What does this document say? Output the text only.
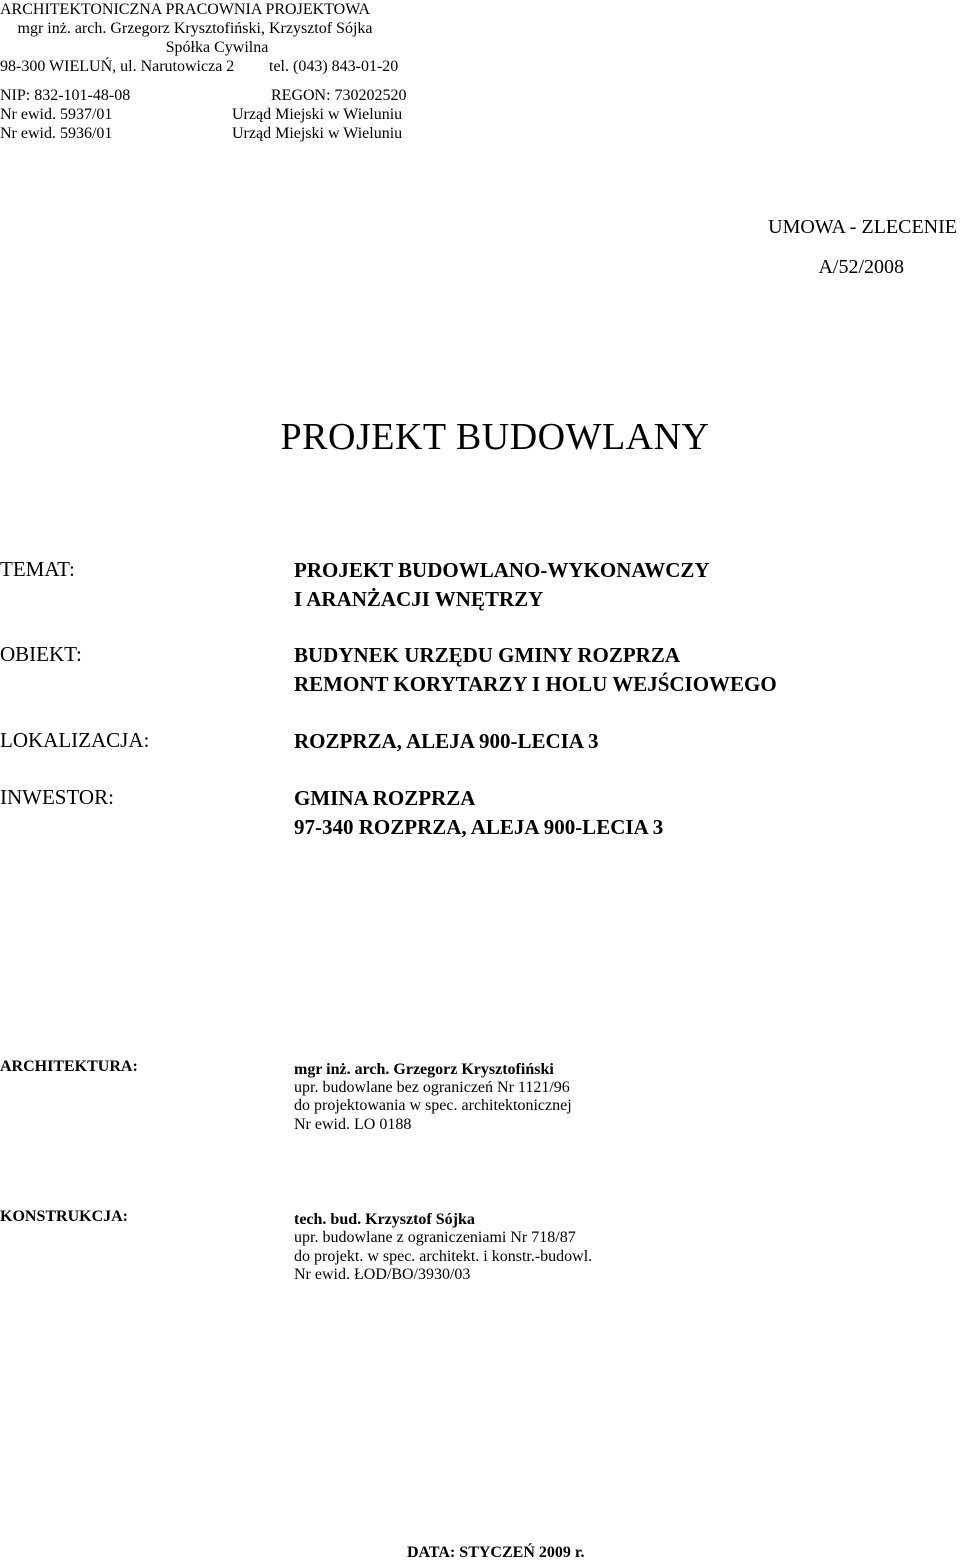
ARCHITEKTONICZNA PRACOWNIA PROJEKTOWA
mgr inż. arch. Grzegorz Krysztofiński, Krzysztof Sójka
Spółka Cywilna
98-300 WIELUŃ, ul. Narutowicza 2 tel. (043) 843-01-20
NIP: 832-101-48-08	REGON: 730202520
Nr ewid. 5937/01	Urząd Miejski w Wieluniu
Nr ewid. 5936/01	Urząd Miejski w Wieluniu
UMOWA - ZLECENIE
A/52/2008
PROJEKT BUDOWLANY
TEMAT:	PROJEKT BUDOWLANO-WYKONAWCZY
I ARANŻACJI WNĘTRZY
OBIEKT:	BUDYNEK URZĘDU GMINY ROZPRZA
REMONT KORYTARZY I HOLU WEJŚCIOWEGO
LOKALIZACJA:	ROZPRZA, ALEJA 900-LECIA 3
INWESTOR:	GMINA ROZPRZA
97-340 ROZPRZA, ALEJA 900-LECIA 3
ARCHITEKTURA:	mgr inż. arch. Grzegorz Krysztofiński
upr. budowlane bez ograniczeń Nr 1121/96
do projektowania w spec. architektonicznej
Nr ewid. LO 0188
KONSTRUKCJA:	tech. bud. Krzysztof Sójka
upr. budowlane z ograniczeniami Nr 718/87
do projekt. w spec. architekt. i konstr.-budowl.
Nr ewid. ŁOD/BO/3930/03
DATA: STYCZEŃ 2009 r.
